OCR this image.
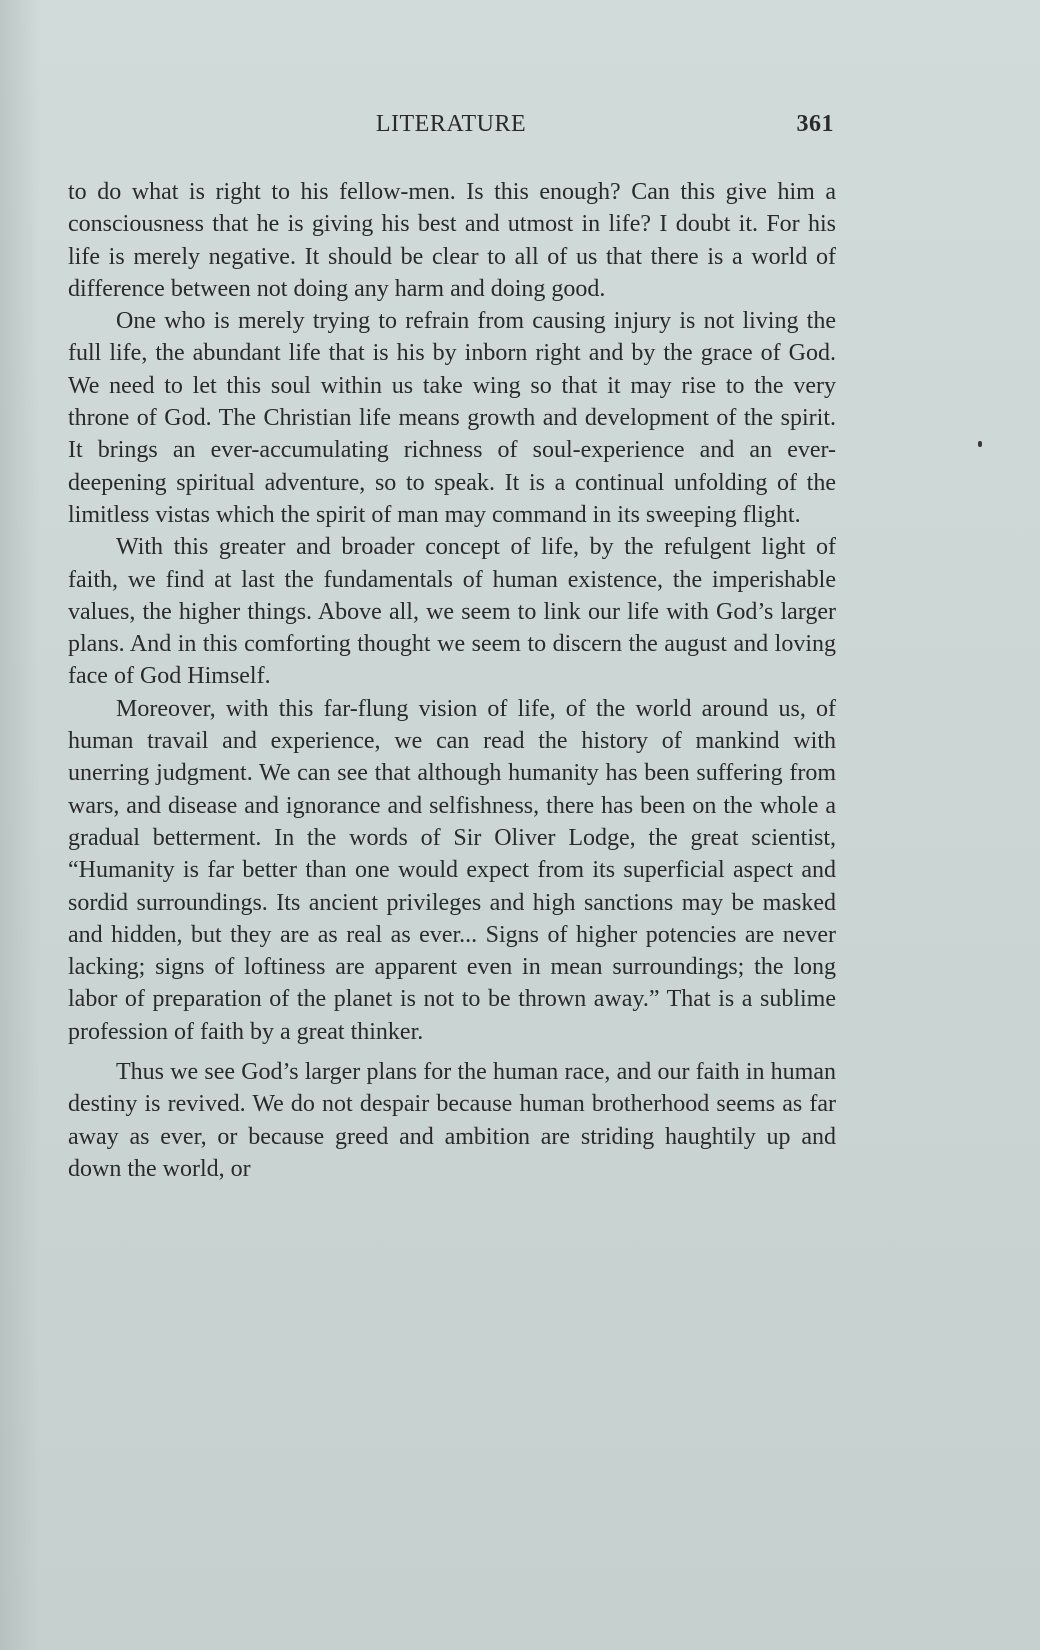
LITERATURE	361

to do what is right to his fellow-men. Is this enough? Can this give him a consciousness that he is giving his best and utmost in life? I doubt it. For his life is merely negative. It should be clear to all of us that there is a world of difference between not doing any harm and doing good.

One who is merely trying to refrain from causing injury is not living the full life, the abundant life that is his by inborn right and by the grace of God. We need to let this soul within us take wing so that it may rise to the very throne of God. The Christian life means growth and development of the spirit. It brings an ever-accumulating richness of soul-experience and an ever-deepening spiritual adventure, so to speak. It is a continual unfolding of the limitless vistas which the spirit of man may command in its sweeping flight.

With this greater and broader concept of life, by the refulgent light of faith, we find at last the fundamentals of human existence, the imperishable values, the higher things. Above all, we seem to link our life with God’s larger plans. And in this comforting thought we seem to discern the august and loving face of God Himself.

Moreover, with this far-flung vision of life, of the world around us, of human travail and experience, we can read the history of mankind with unerring judgment. We can see that although humanity has been suffering from wars, and disease and ignorance and selfishness, there has been on the whole a gradual betterment. In the words of Sir Oliver Lodge, the great scientist, “Humanity is far better than one would expect from its superficial aspect and sordid surroundings. Its ancient privileges and high sanctions may be masked and hidden, but they are as real as ever... Signs of higher potencies are never lacking; signs of loftiness are apparent even in mean surroundings; the long labor of preparation of the planet is not to be thrown away.” That is a sublime profession of faith by a great thinker.

Thus we see God’s larger plans for the human race, and our faith in human destiny is revived. We do not despair because human brotherhood seems as far away as ever, or because greed and ambition are striding haughtily up and down the world, or
